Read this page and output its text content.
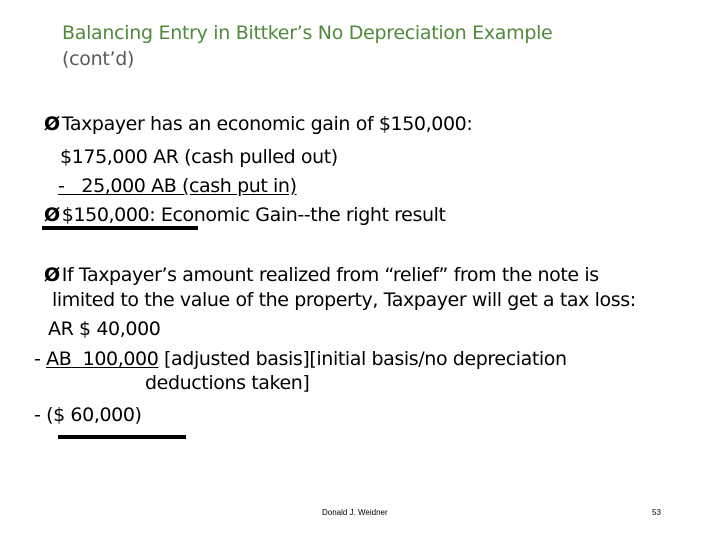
Balancing Entry in Bittker’s No Depreciation Example
(cont’d)
Ø Taxpayer has an economic gain of $150,000:
$175,000 AR (cash pulled out)
- 25,000 AB (cash put in)
Ø $150,000: Economic Gain--the right result
Ø If Taxpayer’s amount realized from “relief” from the note is
limited to the value of the property, Taxpayer will get a tax loss:
AR $ 40,000
- AB 100,000 [adjusted basis][initial basis/no depreciation
deductions taken]
- ($ 60,000)
Donald J. Weidner	53
